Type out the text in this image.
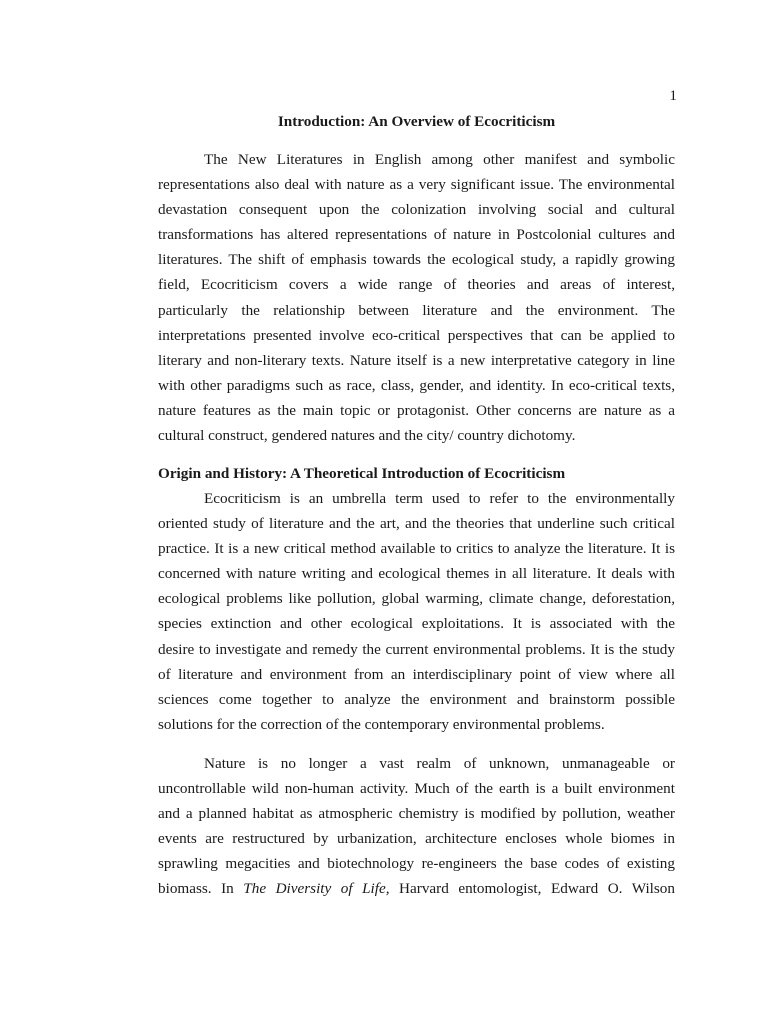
1
Introduction: An Overview of Ecocriticism
The New Literatures in English among other manifest and symbolic
representations also deal with nature as a very significant issue. The environmental
devastation consequent upon the colonization involving social and cultural
transformations has altered representations of nature in Postcolonial cultures and
literatures. The shift of emphasis towards the ecological study, a rapidly growing
field, Ecocriticism covers a wide range of theories and areas of interest,
particularly the relationship between literature and the environment. The
interpretations presented involve eco-critical perspectives that can be applied to
literary and non-literary texts. Nature itself is a new interpretative category in line
with other paradigms such as race, class, gender, and identity. In eco-critical texts,
nature features as the main topic or protagonist. Other concerns are nature as a
cultural construct, gendered natures and the city/ country dichotomy.
Origin and History: A Theoretical Introduction of Ecocriticism
Ecocriticism is an umbrella term used to refer to the environmentally
oriented study of literature and the art, and the theories that underline such critical
practice. It is a new critical method available to critics to analyze the literature. It is
concerned with nature writing and ecological themes in all literature. It deals with
ecological problems like pollution, global warming, climate change, deforestation,
species extinction and other ecological exploitations. It is associated with the
desire to investigate and remedy the current environmental problems. It is the study
of literature and environment from an interdisciplinary point of view where all
sciences come together to analyze the environment and brainstorm possible
solutions for the correction of the contemporary environmental problems.
Nature is no longer a vast realm of unknown, unmanageable or
uncontrollable wild non-human activity. Much of the earth is a built environment
and a planned habitat as atmospheric chemistry is modified by pollution, weather
events are restructured by urbanization, architecture encloses whole biomes in
sprawling megacities and biotechnology re-engineers the base codes of existing
biomass. In The Diversity of Life, Harvard entomologist, Edward O. Wilson
